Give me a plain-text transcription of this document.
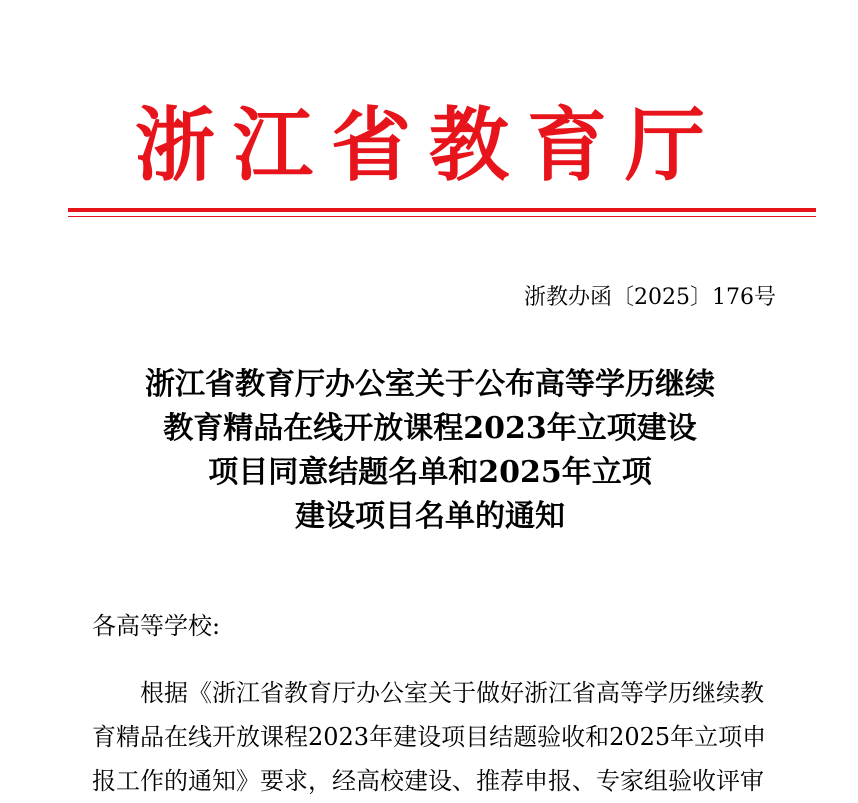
浙江省教育厅
浙教办函〔2025〕176号
浙江省教育厅办公室关于公布高等学历继续
教育精品在线开放课程2023年立项建设
项目同意结题名单和2025年立项
建设项目名单的通知
各高等学校:

根据《浙江省教育厅办公室关于做好浙江省高等学历继续教
育精品在线开放课程2023年建设项目结题验收和2025年立项申
报工作的通知》要求，经高校建设、推荐申报、专家组验收评审
